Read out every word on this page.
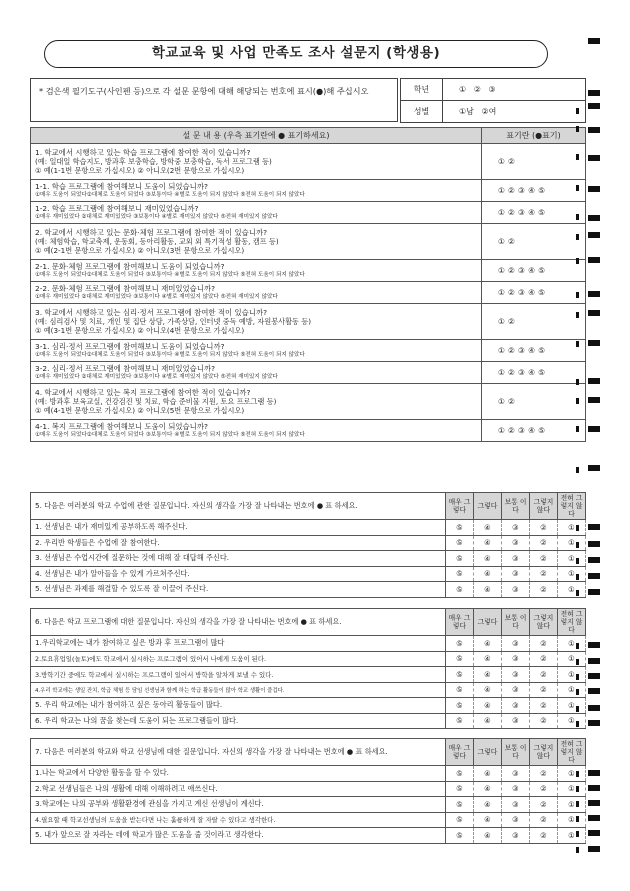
학교교육 및 사업 만족도 조사 설문지 (학생용)
* 검은색 필기도구(사인펜 등)으로 각 설문 문항에 대해 해당되는 번호에 표시(●)해 주십시오	학년	① ② ③
성별	①남 ②여
설 문 내 용 (우측 표기란에 ● 표기하세요)	표기란 (●표기)

1. 학교에서 시행하고 있는 학습 프로그램에 참여한 적이 있습니까?
(예: 일대일 학습지도, 방과후 보충학습, 방학중 보충학습, 독서 프로그램 등)
① 예(1-1번 문항으로 가십시오) ② 아니오(2번 문항으로 가십시오)	① ②

1-1. 학습 프로그램에 참여해보니 도움이 되었습니까?
①매우 도움이 되었다②대체로 도움이 되었다 ③보통이다 ④별로 도움이 되지 않았다 ⑤전혀 도움이 되지 않았다	① ② ③ ④ ⑤

1-2. 학습 프로그램에 참여해보니 재미있었습니까?
①매우 재미있었다 ②대체로 재미있었다 ③보통이다 ④별로 재미있지 않았다 ⑤전혀 재미있지 않았다	① ② ③ ④ ⑤

2. 학교에서 시행하고 있는 문화·체험 프로그램에 참여한 적이 있습니까?
(예: 체험학습, 학교축제, 운동회, 동아리활동, 교외 외 특기적성 활동, 캠프 등)
① 예(2-1번 문항으로 가십시오) ② 아니오(3번 문항으로 가십시오)	① ②

2-1. 문화·체험 프로그램에 참여해보니 도움이 되었습니까?
①매우 도움이 되었다②대체로 도움이 되었다 ③보통이다 ④별로 도움이 되지 않았다 ⑤전혀 도움이 되지 않았다	① ② ③ ④ ⑤

2-2. 문화·체험 프로그램에 참여해보니 재미있었습니까?
①매우 재미있었다 ②대체로 재미있었다 ③보통이다 ④별로 재미있지 않았다 ⑤전혀 재미있지 않았다	① ② ③ ④ ⑤

3. 학교에서 시행하고 있는 심리·정서 프로그램에 참여한 적이 있습니까?
(예: 심리검사 및 치료, 개인 및 집단 상담, 가족상담, 인터넷 중독 예방, 자원봉사활동 등)
① 예(3-1번 문항으로 가십시오) ② 아니오(4번 문항으로 가십시오)	① ②

3-1. 심리·정서 프로그램에 참여해보니 도움이 되었습니까?
①매우 도움이 되었다②대체로 도움이 되었다 ③보통이다 ④별로 도움이 되지 않았다 ⑤전혀 도움이 되지 않았다	① ② ③ ④ ⑤

3-2. 심리·정서 프로그램에 참여해보니 재미있었습니까?
①매우 재미있었다 ②대체로 재미있었다 ③보통이다 ④별로 재미있지 않았다 ⑤전혀 재미있지 않았다	① ② ③ ④ ⑤

4. 학교에서 시행하고 있는 복지 프로그램에 참여한 적이 있습니까?
(예: 방과후 보육교실, 건강검진 및 치료, 학습 준비물 지원, 토요 프로그램 등)
① 예(4-1번 문항으로 가십시오) ② 아니오(5번 문항으로 가십시오)	① ②

4-1. 복지 프로그램에 참여해보니 도움이 되었습니까?
①매우 도움이 되었다②대체로 도움이 되었다 ③보통이다 ④별로 도움이 되지 않았다 ⑤전혀 도움이 되지 않았다	① ② ③ ④ ⑤
5. 다음은 여러분의 학교 수업에 관한 질문입니다. 자신의 생각을 가장 잘 나타내는 번호에 ● 표 하세요.	매우 그렇다	그렇다	보통 이다	그렇지 않다	전혀 그렇지 않다
1. 선생님은 내가 재미있게 공부하도록 해주신다.	⑤	④	③	②	①
2. 우리반 학생들은 수업에 잘 참여한다.	⑤	④	③	②	①
3. 선생님은 수업시간에 질문하는 것에 대해 잘 대답해 주신다.	⑤	④	③	②	①
4. 선생님은 내가 알아들을 수 있게 가르쳐주신다.	⑤	④	③	②	①
5. 선생님은 과제를 해결할 수 있도록 잘 이끌어 주신다.	⑤	④	③	②	①
6. 다음은 학교 프로그램에 대한 질문입니다. 자신의 생각을 가장 잘 나타내는 번호에 ● 표 하세요.	매우 그렇다	그렇다	보통 이다	그렇지 않다	전혀 그렇지 않다
1.우리학교에는 내가 참여하고 싶은 방과 후 프로그램이 많다	⑤	④	③	②	①
2.토요휴업일(놀토)에도 학교에서 실시하는 프로그램이 있어서 나에게 도움이 된다.	⑤	④	③	②	①
3.방학기간 중에도 학교에서 실시하는 프로그램이 있어서 방학을 알차게 보낼 수 있다.	⑤	④	③	②	①
4.우리 학교에는 생일 잔치, 학급 체험 등 담임 선생님과 함께 하는 학급 활동들이 많아 학교 생활이 즐겁다.	⑤	④	③	②	①
5. 우리 학교에는 내가 참여하고 싶은 동아리 활동들이 많다.	⑤	④	③	②	①
6. 우리 학교는 나의 꿈을 찾는데 도움이 되는 프로그램들이 많다.	⑤	④	③	②	①
7. 다음은 여러분의 학교와 학교 선생님에 대한 질문입니다. 자신의 생각을 가장 잘 나타내는 번호에 ● 표 하세요.	매우 그렇다	그렇다	보통 이다	그렇지 않다	전혀 그렇지 않다
1.나는 학교에서 다양한 활동을 할 수 있다.	⑤	④	③	②	①
2.학교 선생님들은 나의 생활에 대해 이해하려고 애쓰신다.	⑤	④	③	②	①
3.학교에는 나의 공부와 생활환경에 관심을 가지고 계신 선생님이 계신다.	⑤	④	③	②	①
4.필요할 때 학교선생님의 도움을 받는다면 나는 훌륭하게 잘 자랄 수 있다고 생각한다.	⑤	④	③	②	①
5. 내가 앞으로 잘 자라는 데에 학교가 많은 도움을 줄 것이라고 생각한다.	⑤	④	③	②	①
